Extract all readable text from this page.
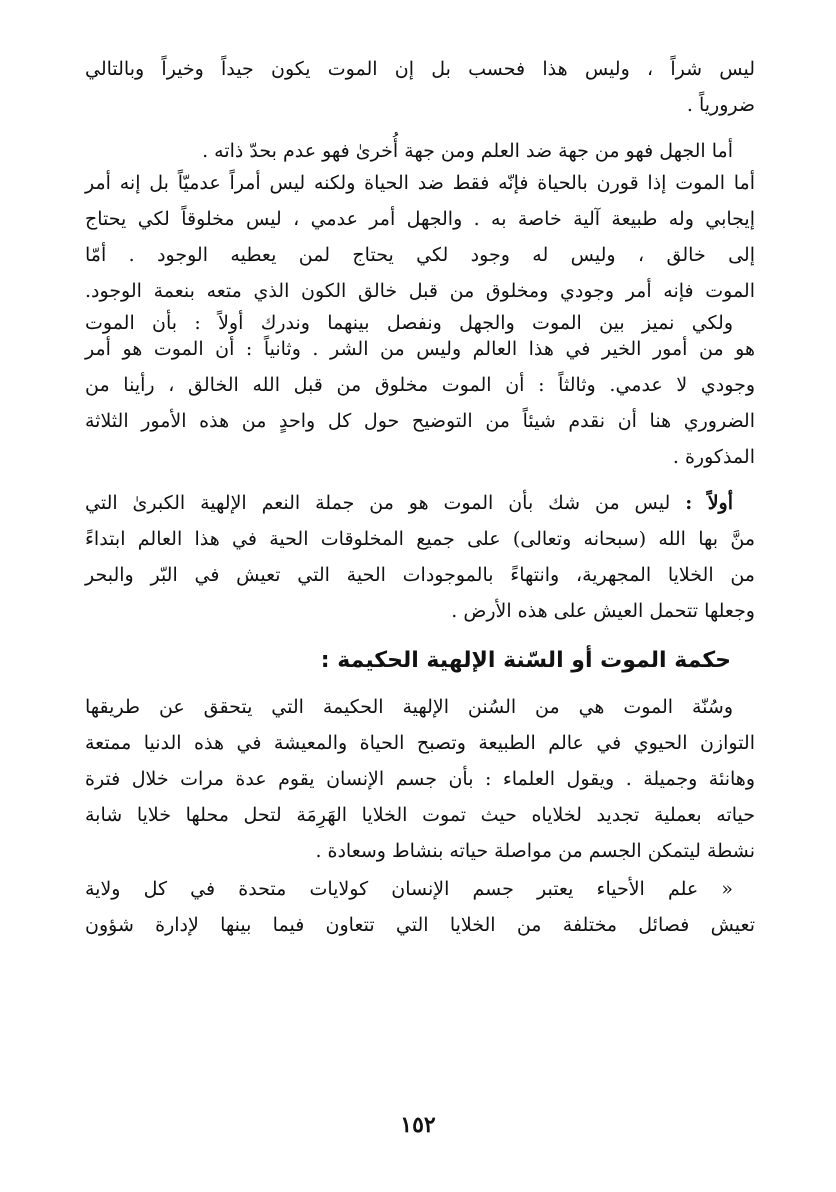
ليس شراً ، وليس هذا فحسب بل إن الموت يكون جيداً وخيراً وبالتالي
ضرورياً .

أما الجهل فهو من جهة ضد العلم ومن جهة أُخرىٰ فهو عدم بحدّ ذاته .
أما الموت إذا قورن بالحياة فإنّه فقط ضد الحياة ولكنه ليس أمراً عدميّاً بل إنه أمر
إيجابي وله طبيعة آلية خاصة به . والجهل أمر عدمي ، ليس مخلوقاً لكي يحتاج
إلى خالق ، وليس له وجود لكي يحتاج لمن يعطيه الوجود . أمّا
الموت فإنه أمر وجودي ومخلوق من قبل خالق الكون الذي متعه بنعمة الوجود.

ولكي نميز بين الموت والجهل ونفصل بينهما وندرك أولاً : بأن الموت
هو من أمور الخير في هذا العالم وليس من الشر . وثانياً : أن الموت هو أمر
وجودي لا عدمي. وثالثاً : أن الموت مخلوق من قبل الله الخالق ، رأينا من
الضروري هنا أن نقدم شيئاً من التوضيح حول كل واحدٍ من هذه الأمور الثلاثة
المذكورة .

أولاً : ليس من شك بأن الموت هو من جملة النعم الإلهية الكبرىٰ التي
منَّ بها الله (سبحانه وتعالى) على جميع المخلوقات الحية في هذا العالم ابتداءً
من الخلايا المجهرية، وانتهاءً بالموجودات الحية التي تعيش في البّر والبحر
وجعلها تتحمل العيش على هذه الأرض .

حكمة الموت أو السّنة الإلهية الحكيمة :

وسُنّة الموت هي من السُنن الإلهية الحكيمة التي يتحقق عن طريقها
التوازن الحيوي في عالم الطبيعة وتصبح الحياة والمعيشة في هذه الدنيا ممتعة
وهانئة وجميلة . ويقول العلماء : بأن جسم الإنسان يقوم عدة مرات خلال فترة
حياته بعملية تجديد لخلاياه حيث تموت الخلايا الهَرِمَة لتحل محلها خلايا شابة
نشطة ليتمكن الجسم من مواصلة حياته بنشاط وسعادة .

« علم الأحياء يعتبر جسم الإنسان كولايات متحدة في كل ولاية
تعيش فصائل مختلفة من الخلايا التي تتعاون فيما بينها لإدارة شؤون

١٥٢
